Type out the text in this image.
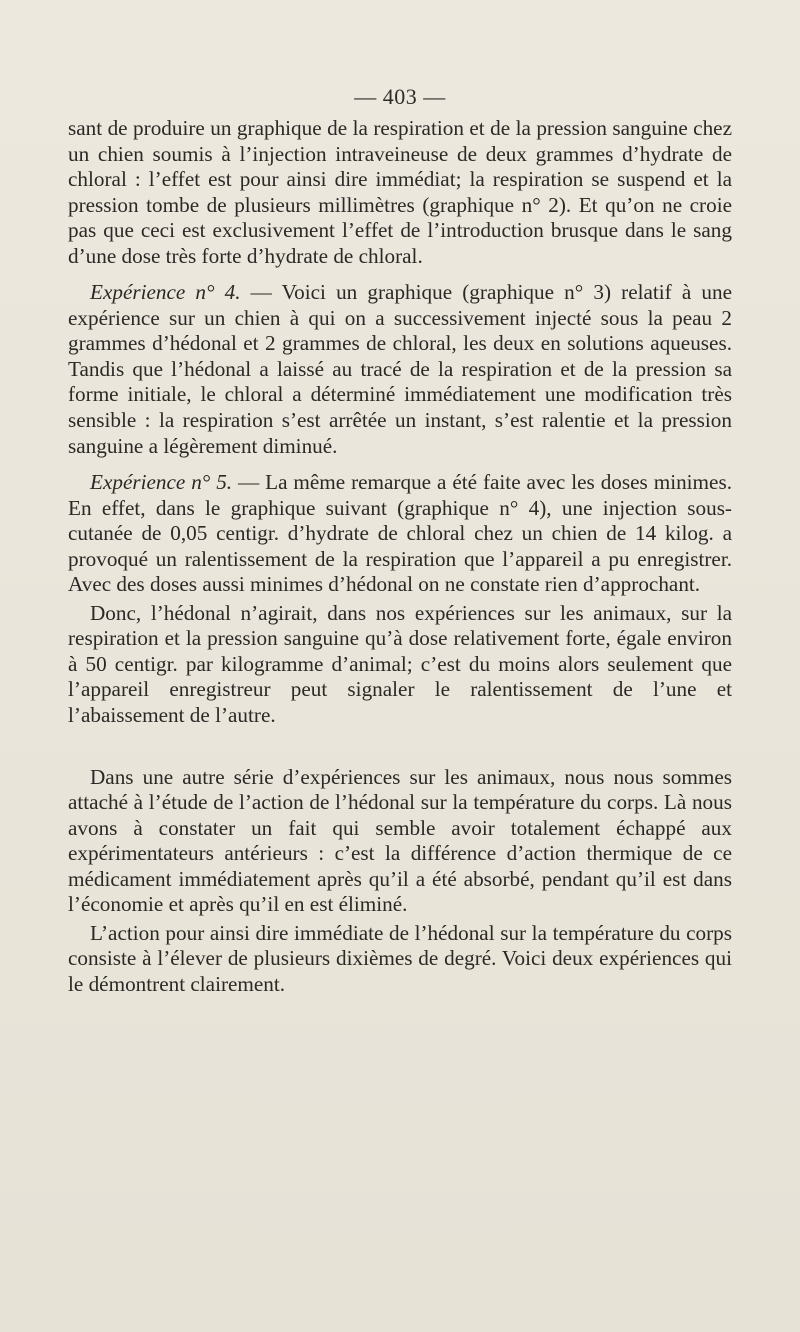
— 403 —

sant de produire un graphique de la respiration et de la pression sanguine chez un chien soumis à l’injection intraveineuse de deux grammes d’hydrate de chloral : l’effet est pour ainsi dire immédiat; la respiration se suspend et la pression tombe de plusieurs millimètres (graphique n° 2). Et qu’on ne croie pas que ceci est exclusivement l’effet de l’introduction brusque dans le sang d’une dose très forte d’hydrate de chloral.

Expérience n° 4. — Voici un graphique (graphique n° 3) relatif à une expérience sur un chien à qui on a successivement injecté sous la peau 2 grammes d’hédonal et 2 grammes de chloral, les deux en solutions aqueuses. Tandis que l’hédonal a laissé au tracé de la respiration et de la pression sa forme initiale, le chloral a déterminé immédiatement une modification très sensible : la respiration s’est arrêtée un instant, s’est ralentie et la pression sanguine a légèrement diminué.

Expérience n° 5. — La même remarque a été faite avec les doses minimes. En effet, dans le graphique suivant (graphique n° 4), une injection sous-cutanée de 0,05 centigr. d’hydrate de chloral chez un chien de 14 kilog. a provoqué un ralentissement de la respiration que l’appareil a pu enregistrer. Avec des doses aussi minimes d’hédonal on ne constate rien d’approchant.

Donc, l’hédonal n’agirait, dans nos expériences sur les animaux, sur la respiration et la pression sanguine qu’à dose relativement forte, égale environ à 50 centigr. par kilogramme d’animal; c’est du moins alors seulement que l’appareil enregistreur peut signaler le ralentissement de l’une et l’abaissement de l’autre.

Dans une autre série d’expériences sur les animaux, nous nous sommes attaché à l’étude de l’action de l’hédonal sur la température du corps. Là nous avons à constater un fait qui semble avoir totalement échappé aux expérimentateurs antérieurs : c’est la différence d’action thermique de ce médicament immédiatement après qu’il a été absorbé, pendant qu’il est dans l’économie et après qu’il en est éliminé.

L’action pour ainsi dire immédiate de l’hédonal sur la température du corps consiste à l’élever de plusieurs dixièmes de degré. Voici deux expériences qui le démontrent clairement.
